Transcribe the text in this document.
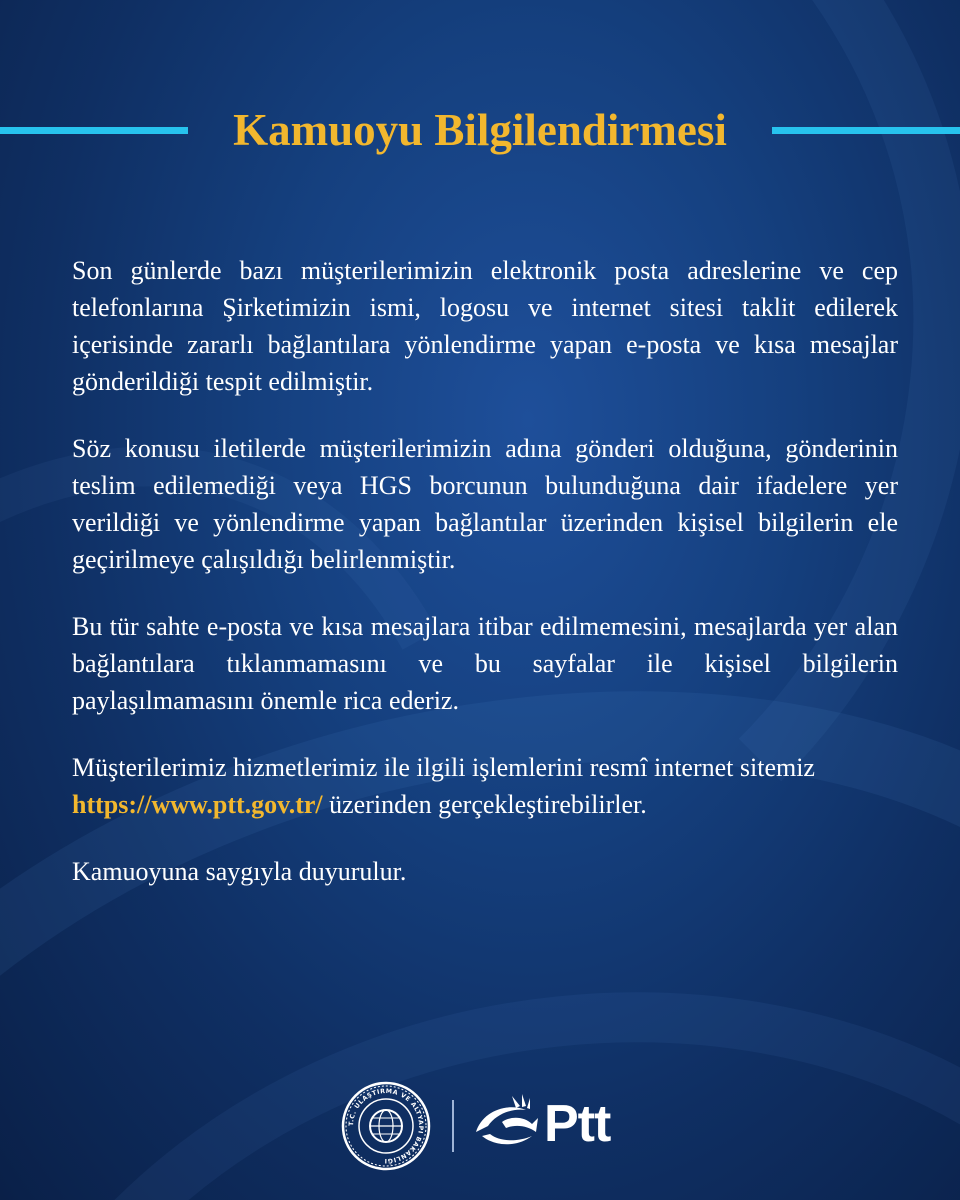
Kamuoyu Bilgilendirmesi

Son günlerde bazı müşterilerimizin elektronik posta adreslerine ve cep telefonlarına Şirketimizin ismi, logosu ve internet sitesi taklit edilerek içerisinde zararlı bağlantılara yönlendirme yapan e-posta ve kısa mesajlar gönderildiği tespit edilmiştir.

Söz konusu iletilerde müşterilerimizin adına gönderi olduğuna, gönderinin teslim edilemediği veya HGS borcunun bulunduğuna dair ifadelere yer verildiği ve yönlendirme yapan bağlantılar üzerinden kişisel bilgilerin ele geçirilmeye çalışıldığı belirlenmiştir.

Bu tür sahte e-posta ve kısa mesajlara itibar edilmemesini, mesajlarda yer alan bağlantılara tıklanmamasını ve bu sayfalar ile kişisel bilgilerin paylaşılmamasını önemle rica ederiz.

Müşterilerimiz hizmetlerimiz ile ilgili işlemlerini resmî internet sitemiz
https://www.ptt.gov.tr/ üzerinden gerçekleştirebilirler.

Kamuoyuna saygıyla duyurulur.

T.C. ULAŞTIRMA VE ALTYAPI BAKANLIĞI
Ptt
